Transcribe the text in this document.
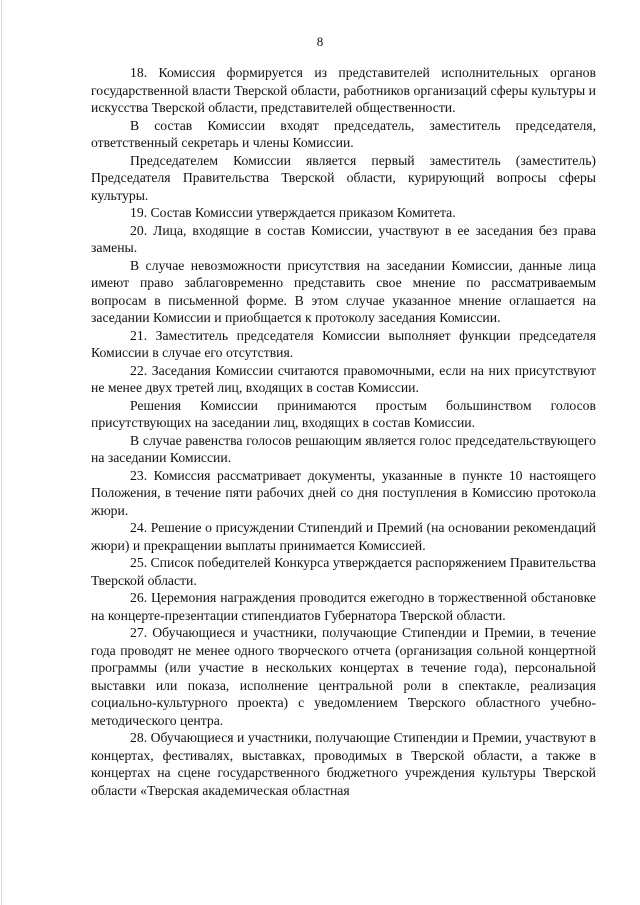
8

18. Комиссия формируется из представителей исполнительных органов государственной власти Тверской области, работников организаций сферы культуры и искусства Тверской области, представителей общественности.

В состав Комиссии входят председатель, заместитель председателя, ответственный секретарь и члены Комиссии.

Председателем Комиссии является первый заместитель (заместитель) Председателя Правительства Тверской области, курирующий вопросы сферы культуры.

19. Состав Комиссии утверждается приказом Комитета.

20. Лица, входящие в состав Комиссии, участвуют в ее заседания без права замены.

В случае невозможности присутствия на заседании Комиссии, данные лица имеют право заблаговременно представить свое мнение по рассматриваемым вопросам в письменной форме. В этом случае указанное мнение оглашается на заседании Комиссии и приобщается к протоколу заседания Комиссии.

21. Заместитель председателя Комиссии выполняет функции председателя Комиссии в случае его отсутствия.

22. Заседания Комиссии считаются правомочными, если на них присутствуют не менее двух третей лиц, входящих в состав Комиссии.

Решения Комиссии принимаются простым большинством голосов присутствующих на заседании лиц, входящих в состав Комиссии.

В случае равенства голосов решающим является голос председательствующего на заседании Комиссии.

23. Комиссия рассматривает документы, указанные в пункте 10 настоящего Положения, в течение пяти рабочих дней со дня поступления в Комиссию протокола жюри.

24. Решение о присуждении Стипендий и Премий (на основании рекомендаций жюри) и прекращении выплаты принимается Комиссией.

25. Список победителей Конкурса утверждается распоряжением Правительства Тверской области.

26. Церемония награждения проводится ежегодно в торжественной обстановке на концерте-презентации стипендиатов Губернатора Тверской области.

27. Обучающиеся и участники, получающие Стипендии и Премии, в течение года проводят не менее одного творческого отчета (организация сольной концертной программы (или участие в нескольких концертах в течение года), персональной выставки или показа, исполнение центральной роли в спектакле, реализация социально-культурного проекта) с уведомлением Тверского областного учебно-методического центра.

28. Обучающиеся и участники, получающие Стипендии и Премии, участвуют в концертах, фестивалях, выставках, проводимых в Тверской области, а также в концертах на сцене государственного бюджетного учреждения культуры Тверской области «Тверская академическая областная
